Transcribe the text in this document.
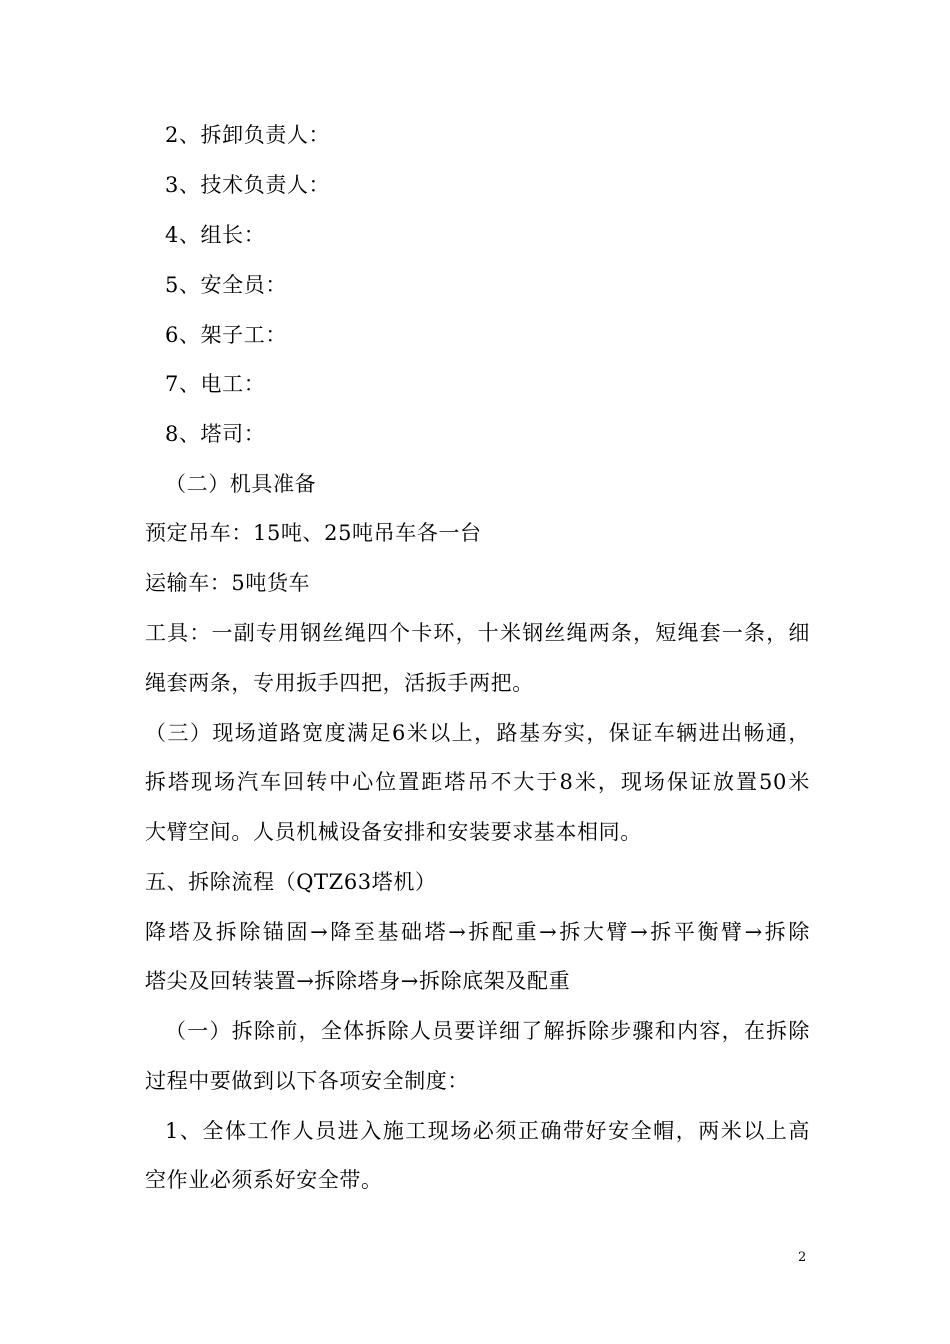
2、拆卸负责人：
3、技术负责人：
4、组长：
5、安全员：
6、架子工：
7、电工：
8、塔司：
（二）机具准备
预定吊车：15吨、25吨吊车各一台
运输车：5吨货车
工具：一副专用钢丝绳四个卡环，十米钢丝绳两条，短绳套一条，细
绳套两条，专用扳手四把，活扳手两把。
（三）现场道路宽度满足6米以上，路基夯实，保证车辆进出畅通，
拆塔现场汽车回转中心位置距塔吊不大于8米，现场保证放置50米
大臂空间。人员机械设备安排和安装要求基本相同。
五、拆除流程（QTZ63塔机）
降塔及拆除锚固→降至基础塔→拆配重→拆大臂→拆平衡臂→拆除
塔尖及回转装置→拆除塔身→拆除底架及配重
（一）拆除前，全体拆除人员要详细了解拆除步骤和内容，在拆除
过程中要做到以下各项安全制度：
1、全体工作人员进入施工现场必须正确带好安全帽，两米以上高
空作业必须系好安全带。
2
